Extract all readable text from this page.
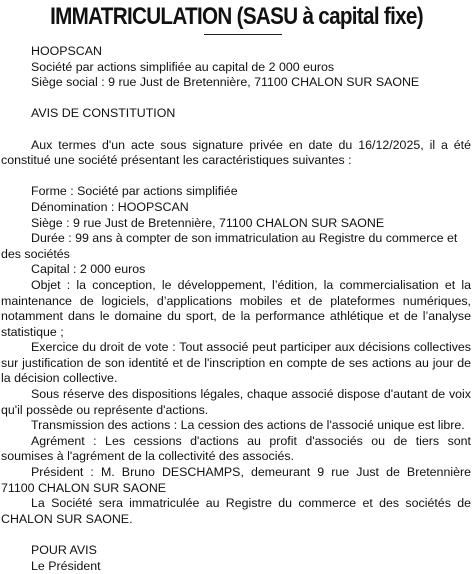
IMMATRICULATION (SASU à capital fixe)

HOOPSCAN

Société par actions simplifiée au capital de 2 000 euros

Siège social : 9 rue Just de Bretennière, 71100 CHALON SUR SAONE

AVIS DE CONSTITUTION

Aux termes d'un acte sous signature privée en date du 16/12/2025, il a été constitué une société présentant les caractéristiques suivantes :

Forme : Société par actions simplifiée

Dénomination : HOOPSCAN

Siège : 9 rue Just de Bretennière, 71100 CHALON SUR SAONE

Durée : 99 ans à compter de son immatriculation au Registre du commerce et des sociétés

Capital : 2 000 euros

Objet : la conception, le développement, l’édition, la commercialisation et la maintenance de logiciels, d’applications mobiles et de plateformes numériques, notamment dans le domaine du sport, de la performance athlétique et de l’analyse statistique ;

Exercice du droit de vote : Tout associé peut participer aux décisions collectives sur justification de son identité et de l'inscription en compte de ses actions au jour de la décision collective.

Sous réserve des dispositions légales, chaque associé dispose d'autant de voix qu'il possède ou représente d'actions.

Transmission des actions : La cession des actions de l'associé unique est libre.

Agrément : Les cessions d'actions au profit d'associés ou de tiers sont soumises à l'agrément de la collectivité des associés.

Président : M. Bruno DESCHAMPS, demeurant 9 rue Just de Bretennière 71100 CHALON SUR SAONE

La Société sera immatriculée au Registre du commerce et des sociétés de CHALON SUR SAONE.

POUR AVIS

Le Président
